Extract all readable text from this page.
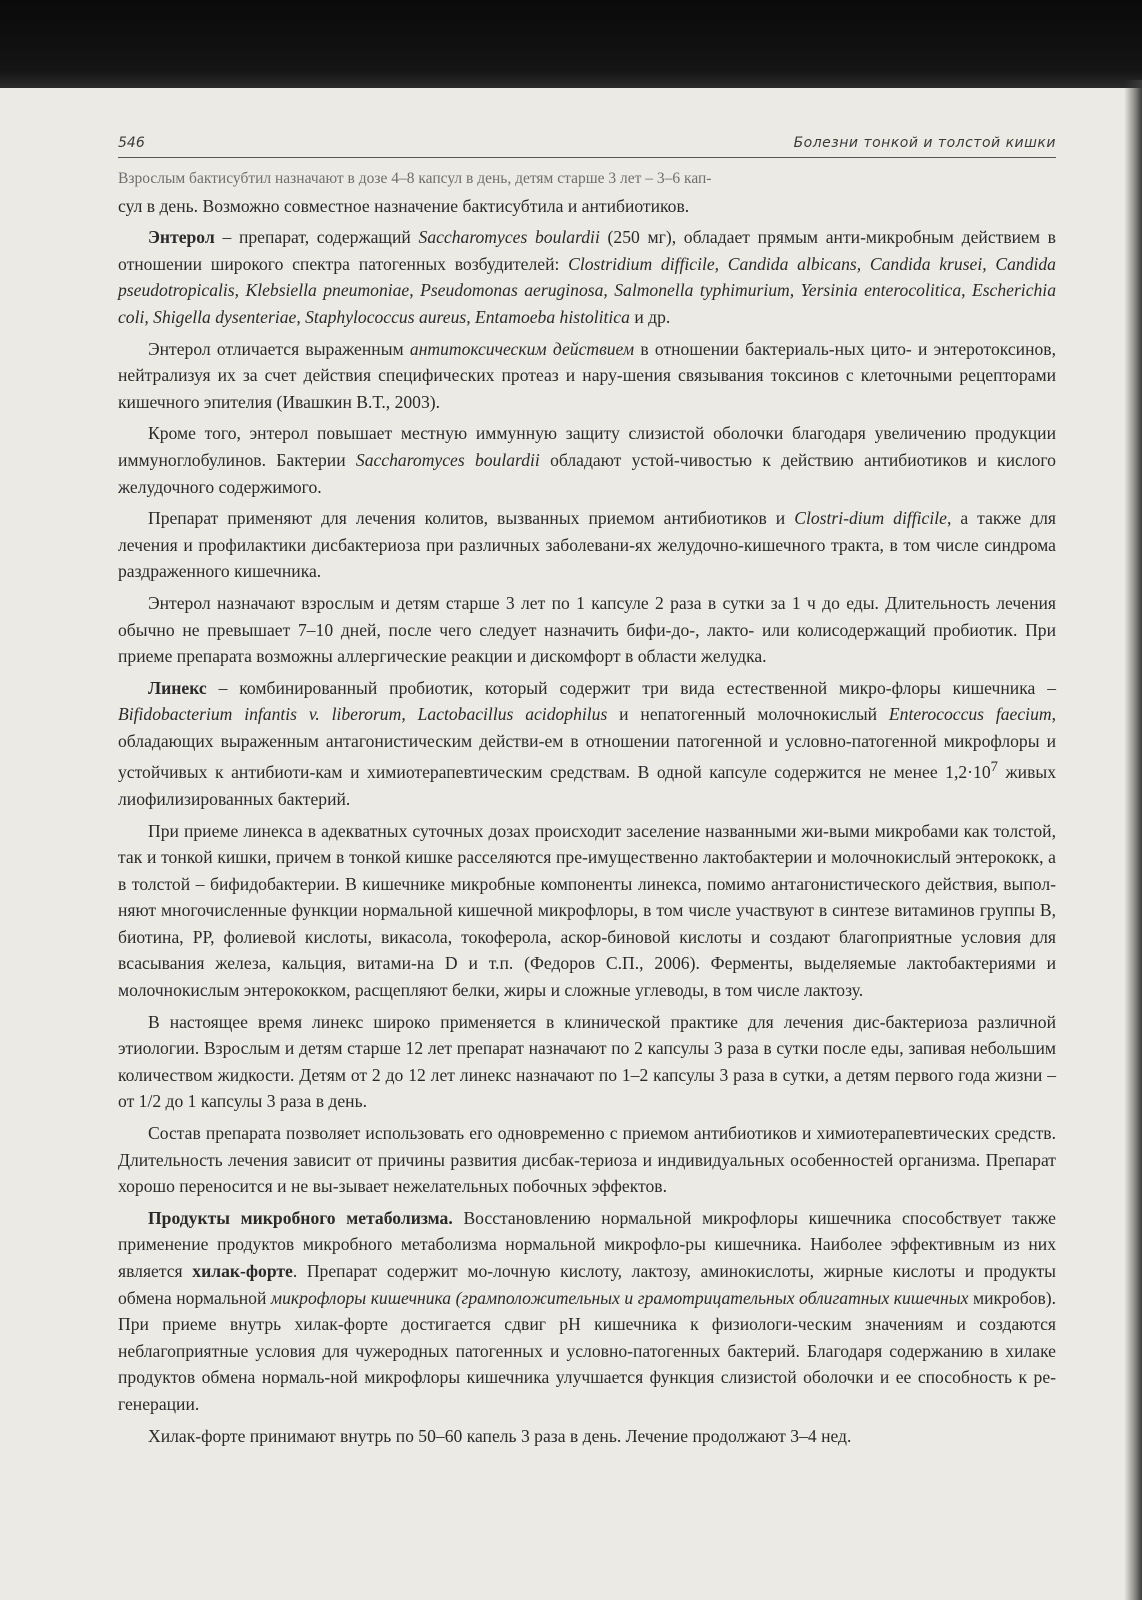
546	Болезни тонкой и толстой кишки

Взрослым бактисубтил назначают в дозе 4–8 капсул в день, детям старше 3 лет – 3–6 кап-
сул в день. Возможно совместное назначение бактисубтила и антибиотиков.

Энтерол – препарат, содержащий Saccharomyces boulardii (250 мг), обладает прямым анти-микробным действием в отношении широкого спектра патогенных возбудителей: Clostridium difficile, Candida albicans, Candida krusei, Candida pseudotropicalis, Klebsiella pneumoniae, Pseudomonas aeruginosa, Salmonella typhimurium, Yersinia enterocolitica, Escherichia coli, Shigella dysenteriae, Staphylococcus aureus, Entamoeba histolitica и др.

Энтерол отличается выраженным антитоксическим действием в отношении бактериаль-ных цито- и энтеротоксинов, нейтрализуя их за счет действия специфических протеаз и нару-шения связывания токсинов с клеточными рецепторами кишечного эпителия (Ивашкин В.Т., 2003).

Кроме того, энтерол повышает местную иммунную защиту слизистой оболочки благодаря увеличению продукции иммуноглобулинов. Бактерии Saccharomyces boulardii обладают устой-чивостью к действию антибиотиков и кислого желудочного содержимого.

Препарат применяют для лечения колитов, вызванных приемом антибиотиков и Clostri-dium difficile, а также для лечения и профилактики дисбактериоза при различных заболевани-ях желудочно-кишечного тракта, в том числе синдрома раздраженного кишечника.

Энтерол назначают взрослым и детям старше 3 лет по 1 капсуле 2 раза в сутки за 1 ч до еды. Длительность лечения обычно не превышает 7–10 дней, после чего следует назначить бифи-до-, лакто- или колисодержащий пробиотик. При приеме препарата возможны аллергические реакции и дискомфорт в области желудка.

Линекс – комбинированный пробиотик, который содержит три вида естественной микро-флоры кишечника – Bifidobacterium infantis v. liberorum, Lactobacillus acidophilus и непатогенный молочнокислый Enterococcus faecium, обладающих выраженным антагонистическим действи-ем в отношении патогенной и условно-патогенной микрофлоры и устойчивых к антибиоти-кам и химиотерапевтическим средствам. В одной капсуле содержится не менее $1,2\cdot 10^7$ живых лиофилизированных бактерий.

При приеме линекса в адекватных суточных дозах происходит заселение названными жи-выми микробами как толстой, так и тонкой кишки, причем в тонкой кишке расселяются пре-имущественно лактобактерии и молочнокислый энтерококк, а в толстой – бифидобактерии. В кишечнике микробные компоненты линекса, помимо антагонистического действия, выпол-няют многочисленные функции нормальной кишечной микрофлоры, в том числе участвуют в синтезе витаминов группы В, биотина, РР, фолиевой кислоты, викасола, токоферола, аскор-биновой кислоты и создают благоприятные условия для всасывания железа, кальция, витами-на D и т.п. (Федоров С.П., 2006). Ферменты, выделяемые лактобактериями и молочнокислым энтерококком, расщепляют белки, жиры и сложные углеводы, в том числе лактозу.

В настоящее время линекс широко применяется в клинической практике для лечения дис-бактериоза различной этиологии. Взрослым и детям старше 12 лет препарат назначают по 2 капсулы 3 раза в сутки после еды, запивая небольшим количеством жидкости. Детям от 2 до 12 лет линекс назначают по 1–2 капсулы 3 раза в сутки, а детям первого года жизни – от 1/2 до 1 капсулы 3 раза в день.

Состав препарата позволяет использовать его одновременно с приемом антибиотиков и химиотерапевтических средств. Длительность лечения зависит от причины развития дисбак-териоза и индивидуальных особенностей организма. Препарат хорошо переносится и не вы-зывает нежелательных побочных эффектов.

Продукты микробного метаболизма. Восстановлению нормальной микрофлоры кишечника способствует также применение продуктов микробного метаболизма нормальной микрофло-ры кишечника. Наиболее эффективным из них является хилак-форте. Препарат содержит мо-лочную кислоту, лактозу, аминокислоты, жирные кислоты и продукты обмена нормальной микрофлоры кишечника (грамположительных и грамотрицательных облигатных кишечных микробов). При приеме внутрь хилак-форте достигается сдвиг рН кишечника к физиологи-ческим значениям и создаются неблагоприятные условия для чужеродных патогенных и условно-патогенных бактерий. Благодаря содержанию в хилаке продуктов обмена нормаль-ной микрофлоры кишечника улучшается функция слизистой оболочки и ее способность к ре-генерации.

Хилак-форте принимают внутрь по 50–60 капель 3 раза в день. Лечение продолжают 3–4 нед.
